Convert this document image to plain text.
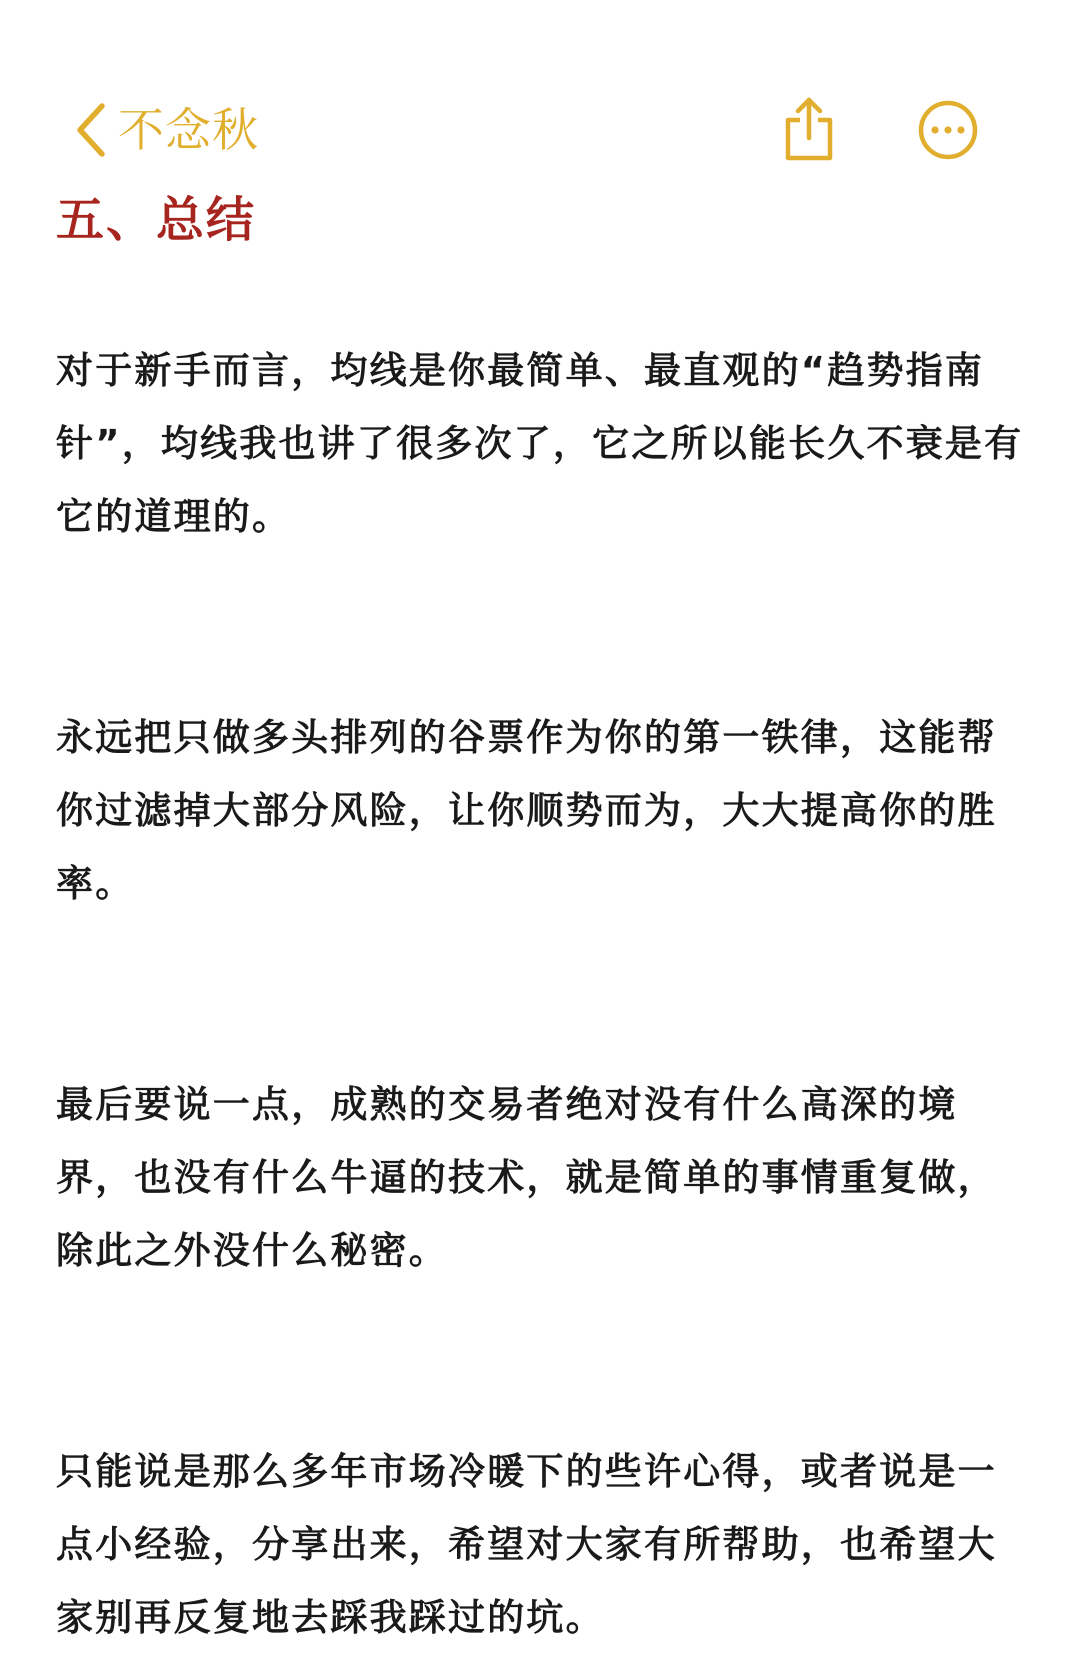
不念秋
五、总结

对于新手而言，均线是你最简单、最直观的“趋势指南针”，均线我也讲了很多次了，它之所以能长久不衰是有它的道理的。

永远把只做多头排列的谷票作为你的第一铁律，这能帮你过滤掉大部分风险，让你顺势而为，大大提高你的胜率。

最后要说一点，成熟的交易者绝对没有什么高深的境界，也没有什么牛逼的技术，就是简单的事情重复做，除此之外没什么秘密。

只能说是那么多年市场冷暖下的些许心得，或者说是一点小经验，分享出来，希望对大家有所帮助，也希望大家别再反复地去踩我踩过的坑。
